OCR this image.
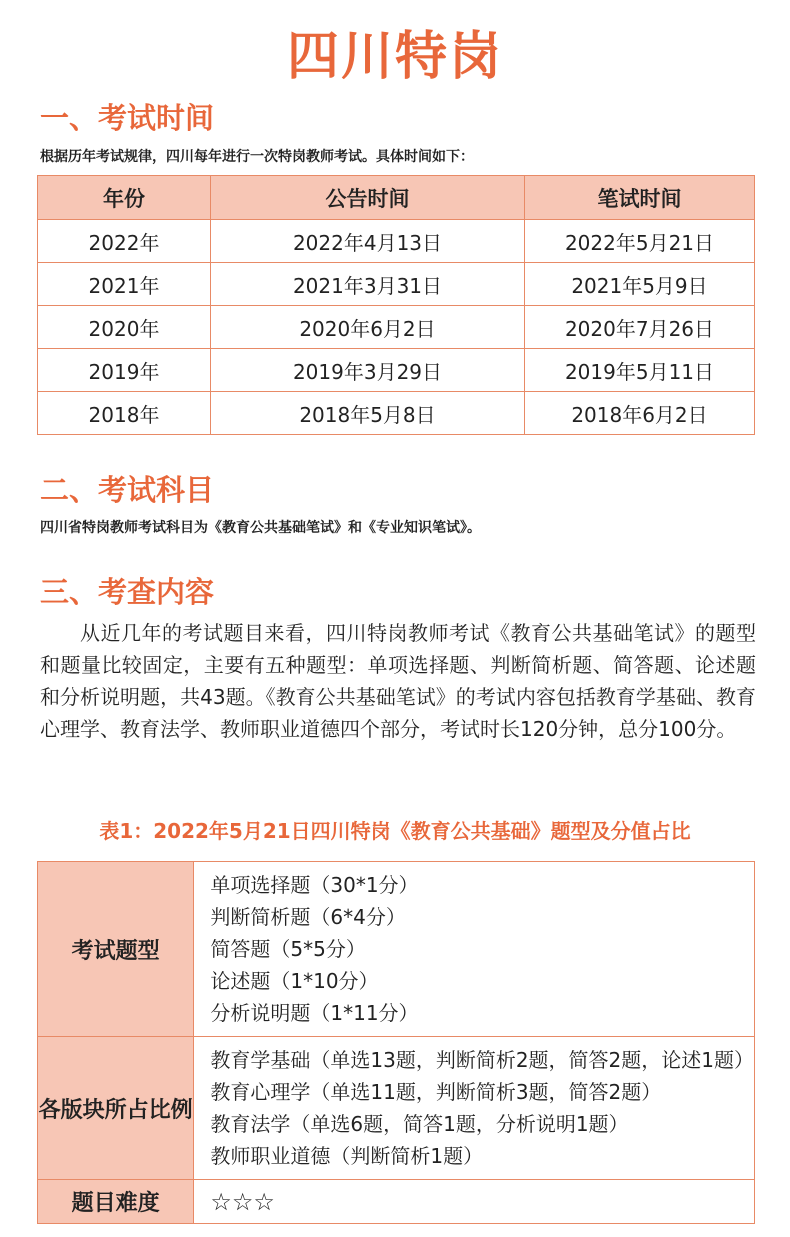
四川特岗
一、考试时间
根据历年考试规律，四川每年进行一次特岗教师考试。具体时间如下：
年份	公告时间	笔试时间
2022年	2022年4月13日	2022年5月21日
2021年	2021年3月31日	2021年5月9日
2020年	2020年6月2日	2020年7月26日
2019年	2019年3月29日	2019年5月11日
2018年	2018年5月8日	2018年6月2日
二、考试科目
四川省特岗教师考试科目为《教育公共基础笔试》和《专业知识笔试》。
三、考查内容
从近几年的考试题目来看，四川特岗教师考试《教育公共基础笔试》的题型和题量比较固定，主要有五种题型：单项选择题、判断简析题、简答题、论述题和分析说明题，共43题。《教育公共基础笔试》的考试内容包括教育学基础、教育心理学、教育法学、教师职业道德四个部分，考试时长120分钟，总分100分。
表1：2022年5月21日四川特岗《教育公共基础》题型及分值占比
考试题型	单项选择题（30*1分）
判断简析题（6*4分）
简答题（5*5分）
论述题（1*10分）
分析说明题（1*11分）

各版块所占比例	教育学基础（单选13题，判断简析2题，简答2题，论述1题）
教育心理学（单选11题，判断简析3题，简答2题）
教育法学（单选6题，简答1题，分析说明1题）
教师职业道德（判断简析1题）

题目难度	☆☆☆
